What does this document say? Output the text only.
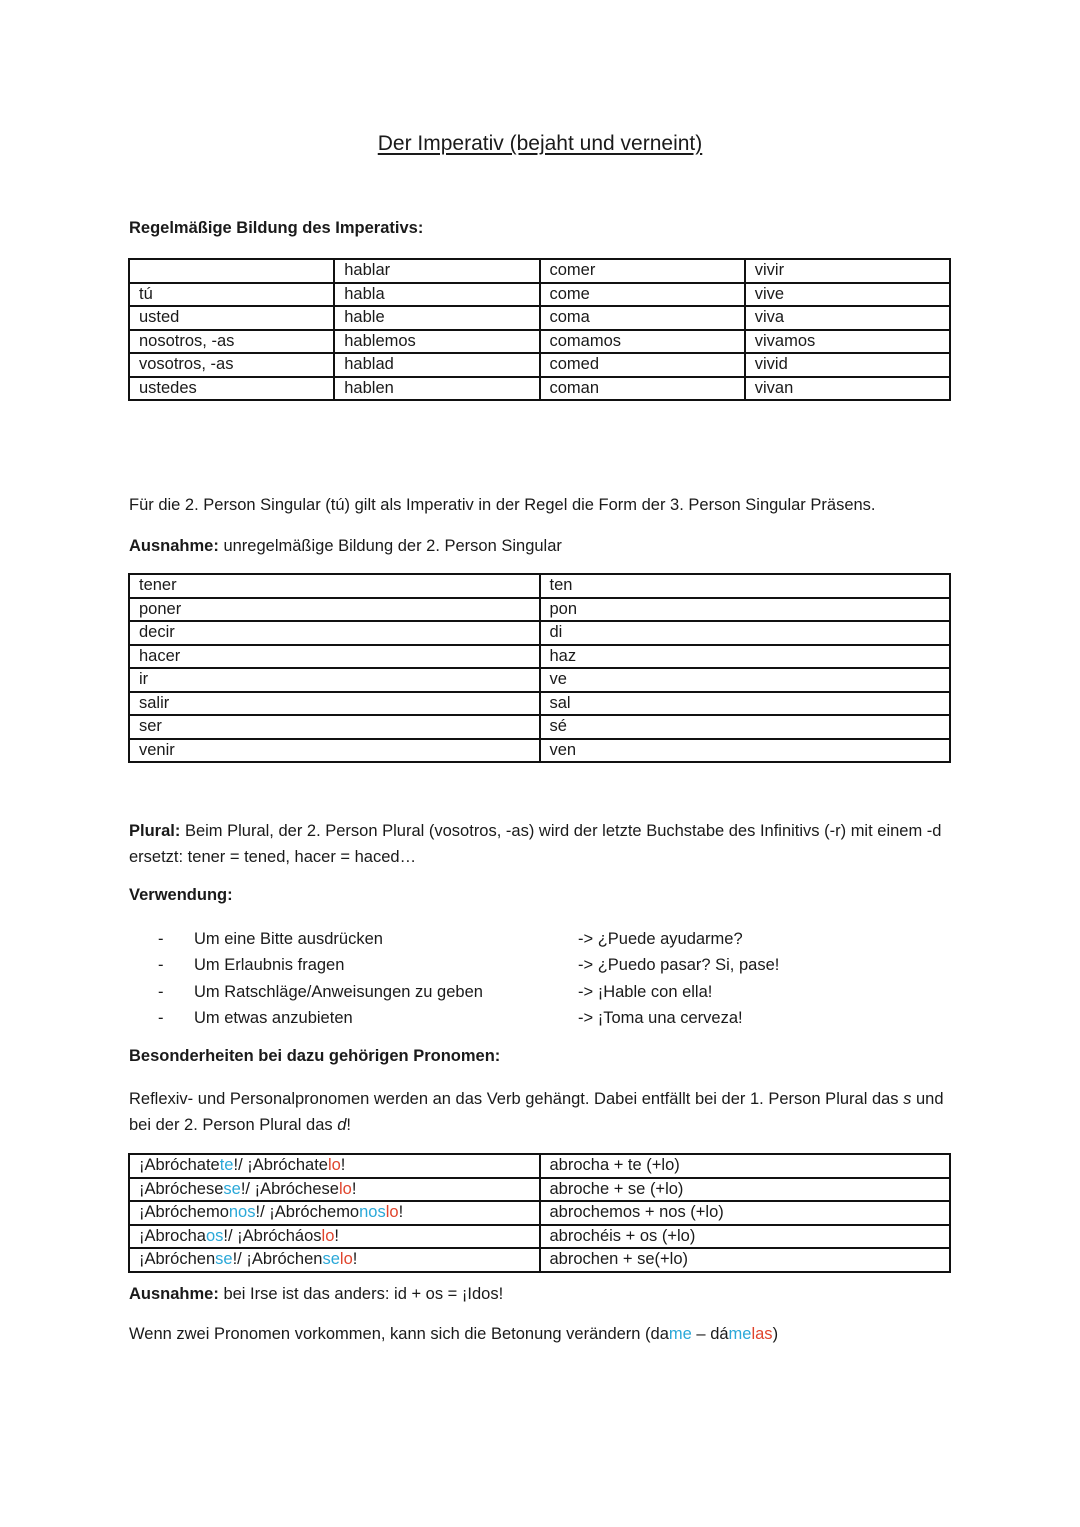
Der Imperativ (bejaht und verneint)
Regelmäßige Bildung des Imperativs:
	hablar	comer	vivir
tú	habla	come	vive
usted	hable	coma	viva
nosotros, -as	hablemos	comamos	vivamos
vosotros, -as	hablad	comed	vivid
ustedes	hablen	coman	vivan
Für die 2. Person Singular (tú) gilt als Imperativ in der Regel die Form der 3. Person Singular Präsens.
Ausnahme: unregelmäßige Bildung der 2. Person Singular
tener	ten
poner	pon
decir	di
hacer	haz
ir	ve
salir	sal
ser	sé
venir	ven
Plural: Beim Plural, der 2. Person Plural (vosotros, -as) wird der letzte Buchstabe des Infinitivs (-r) mit einem -d ersetzt: tener = tened, hacer = haced…
Verwendung:
- Um eine Bitte ausdrücken	-> ¿Puede ayudarme?
- Um Erlaubnis fragen	-> ¿Puedo pasar? Si, pase!
- Um Ratschläge/Anweisungen zu geben	-> ¡Hable con ella!
- Um etwas anzubieten	-> ¡Toma una cerveza!
Besonderheiten bei dazu gehörigen Pronomen:
Reflexiv- und Personalpronomen werden an das Verb gehängt. Dabei entfällt bei der 1. Person Plural das s und bei der 2. Person Plural das d!
¡Abróchatete!/ ¡Abróchatelo!	abrocha + te (+lo)
¡Abróchesese!/ ¡Abrócheselo!	abroche + se (+lo)
¡Abróchemonos!/ ¡Abróchemonoslo!	abrochemos + nos (+lo)
¡Abrochaos!/ ¡Abrócháoslo!	abrochéis + os (+lo)
¡Abróchense!/ ¡Abróchenselo!	abrochen + se(+lo)
Ausnahme: bei Irse ist das anders: id + os = ¡Idos!
Wenn zwei Pronomen vorkommen, kann sich die Betonung verändern (dame – dámelas)
